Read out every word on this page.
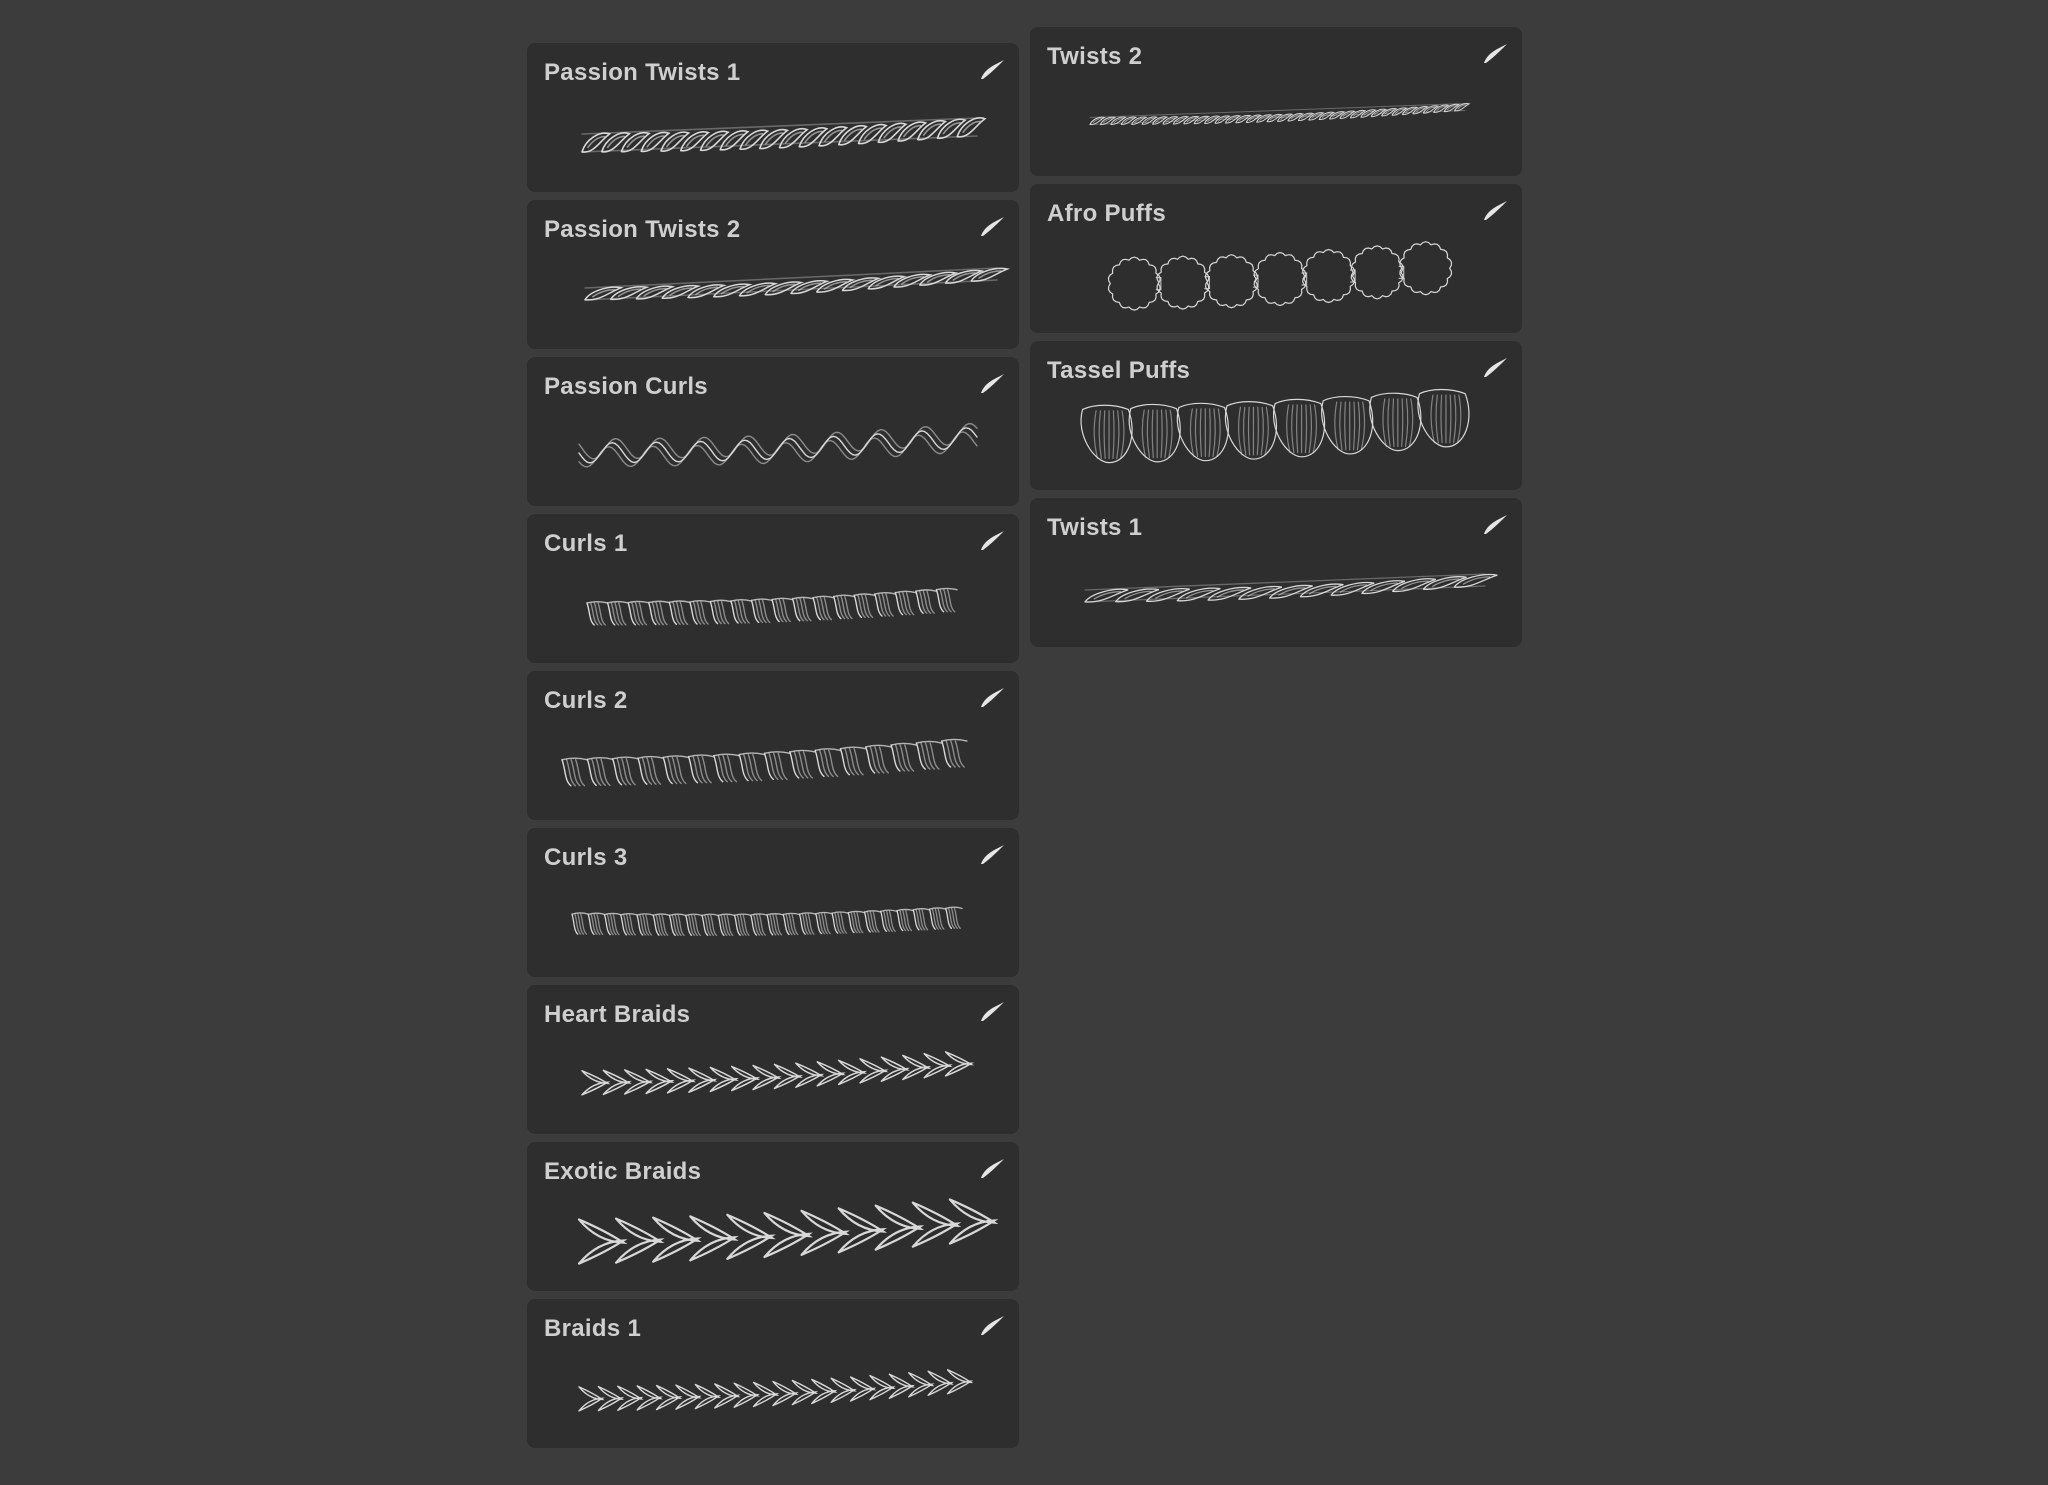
Passion Twists 1
Passion Twists 2
Passion Curls
Curls 1
Curls 2
Curls 3
Heart Braids
Exotic Braids
Braids 1
Twists 2
Afro Puffs
Tassel Puffs
Twists 1
